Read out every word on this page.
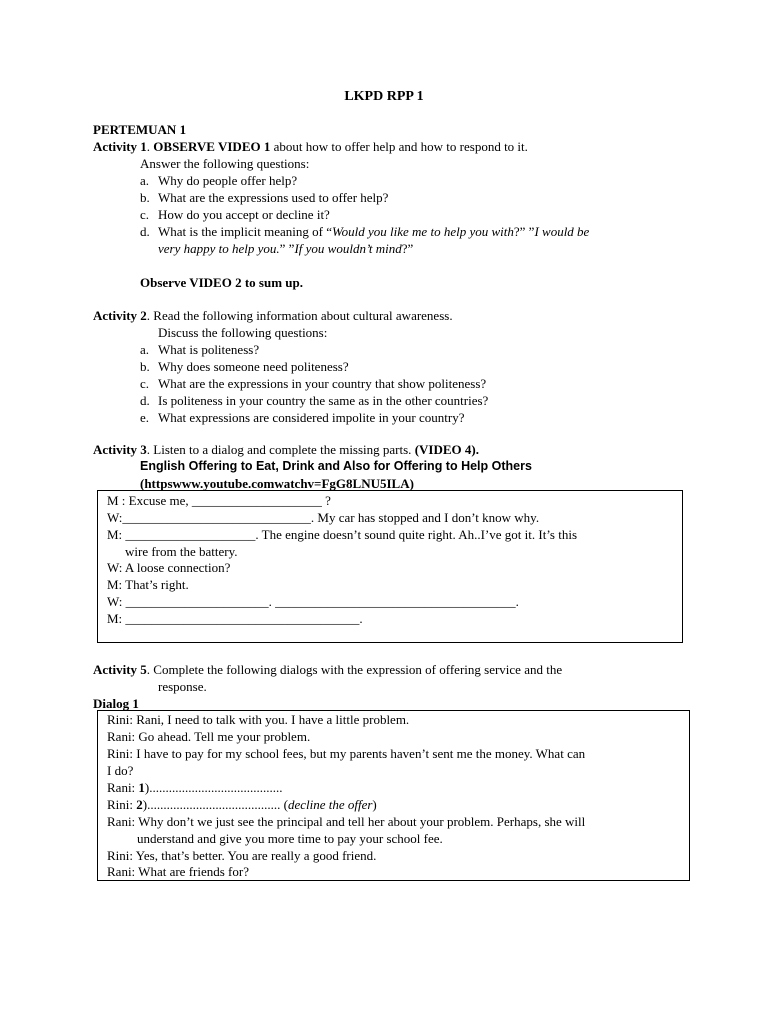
LKPD RPP 1
PERTEMUAN 1
Activity 1. OBSERVE VIDEO 1 about how to offer help and how to respond to it.
Answer the following questions:
a. Why do people offer help?
b. What are the expressions used to offer help?
c. How do you accept or decline it?
d. What is the implicit meaning of “Would you like me to help you with?” ”I would be
very happy to help you.” ”If you wouldn’t mind?”
Observe VIDEO 2 to sum up.
Activity 2. Read the following information about cultural awareness.
Discuss the following questions:
a. What is politeness?
b. Why does someone need politeness?
c. What are the expressions in your country that show politeness?
d. Is politeness in your country the same as in the other countries?
e. What expressions are considered impolite in your country?
Activity 3. Listen to a dialog and complete the missing parts. (VIDEO 4).
English Offering to Eat, Drink and Also for Offering to Help Others
(httpswww.youtube.comwatchv=FgG8LNU5ILA)
M : Excuse me, ____________________ ?
W:_____________________________. My car has stopped and I don’t know why.
M: ____________________. The engine doesn’t sound quite right. Ah..I’ve got it. It’s this
wire from the battery.
W: A loose connection?
M: That’s right.
W: ______________________. _____________________________________.
M: ____________________________________.
Activity 5. Complete the following dialogs with the expression of offering service and the
response.
Dialog 1
Rini: Rani, I need to talk with you. I have a little problem.
Rani: Go ahead. Tell me your problem.
Rini: I have to pay for my school fees, but my parents haven’t sent me the money. What can
I do?
Rani: 1).........................................
Rini: 2)......................................... (decline the offer)
Rani: Why don’t we just see the principal and tell her about your problem. Perhaps, she will
understand and give you more time to pay your school fee.
Rini: Yes, that’s better. You are really a good friend.
Rani: What are friends for?
